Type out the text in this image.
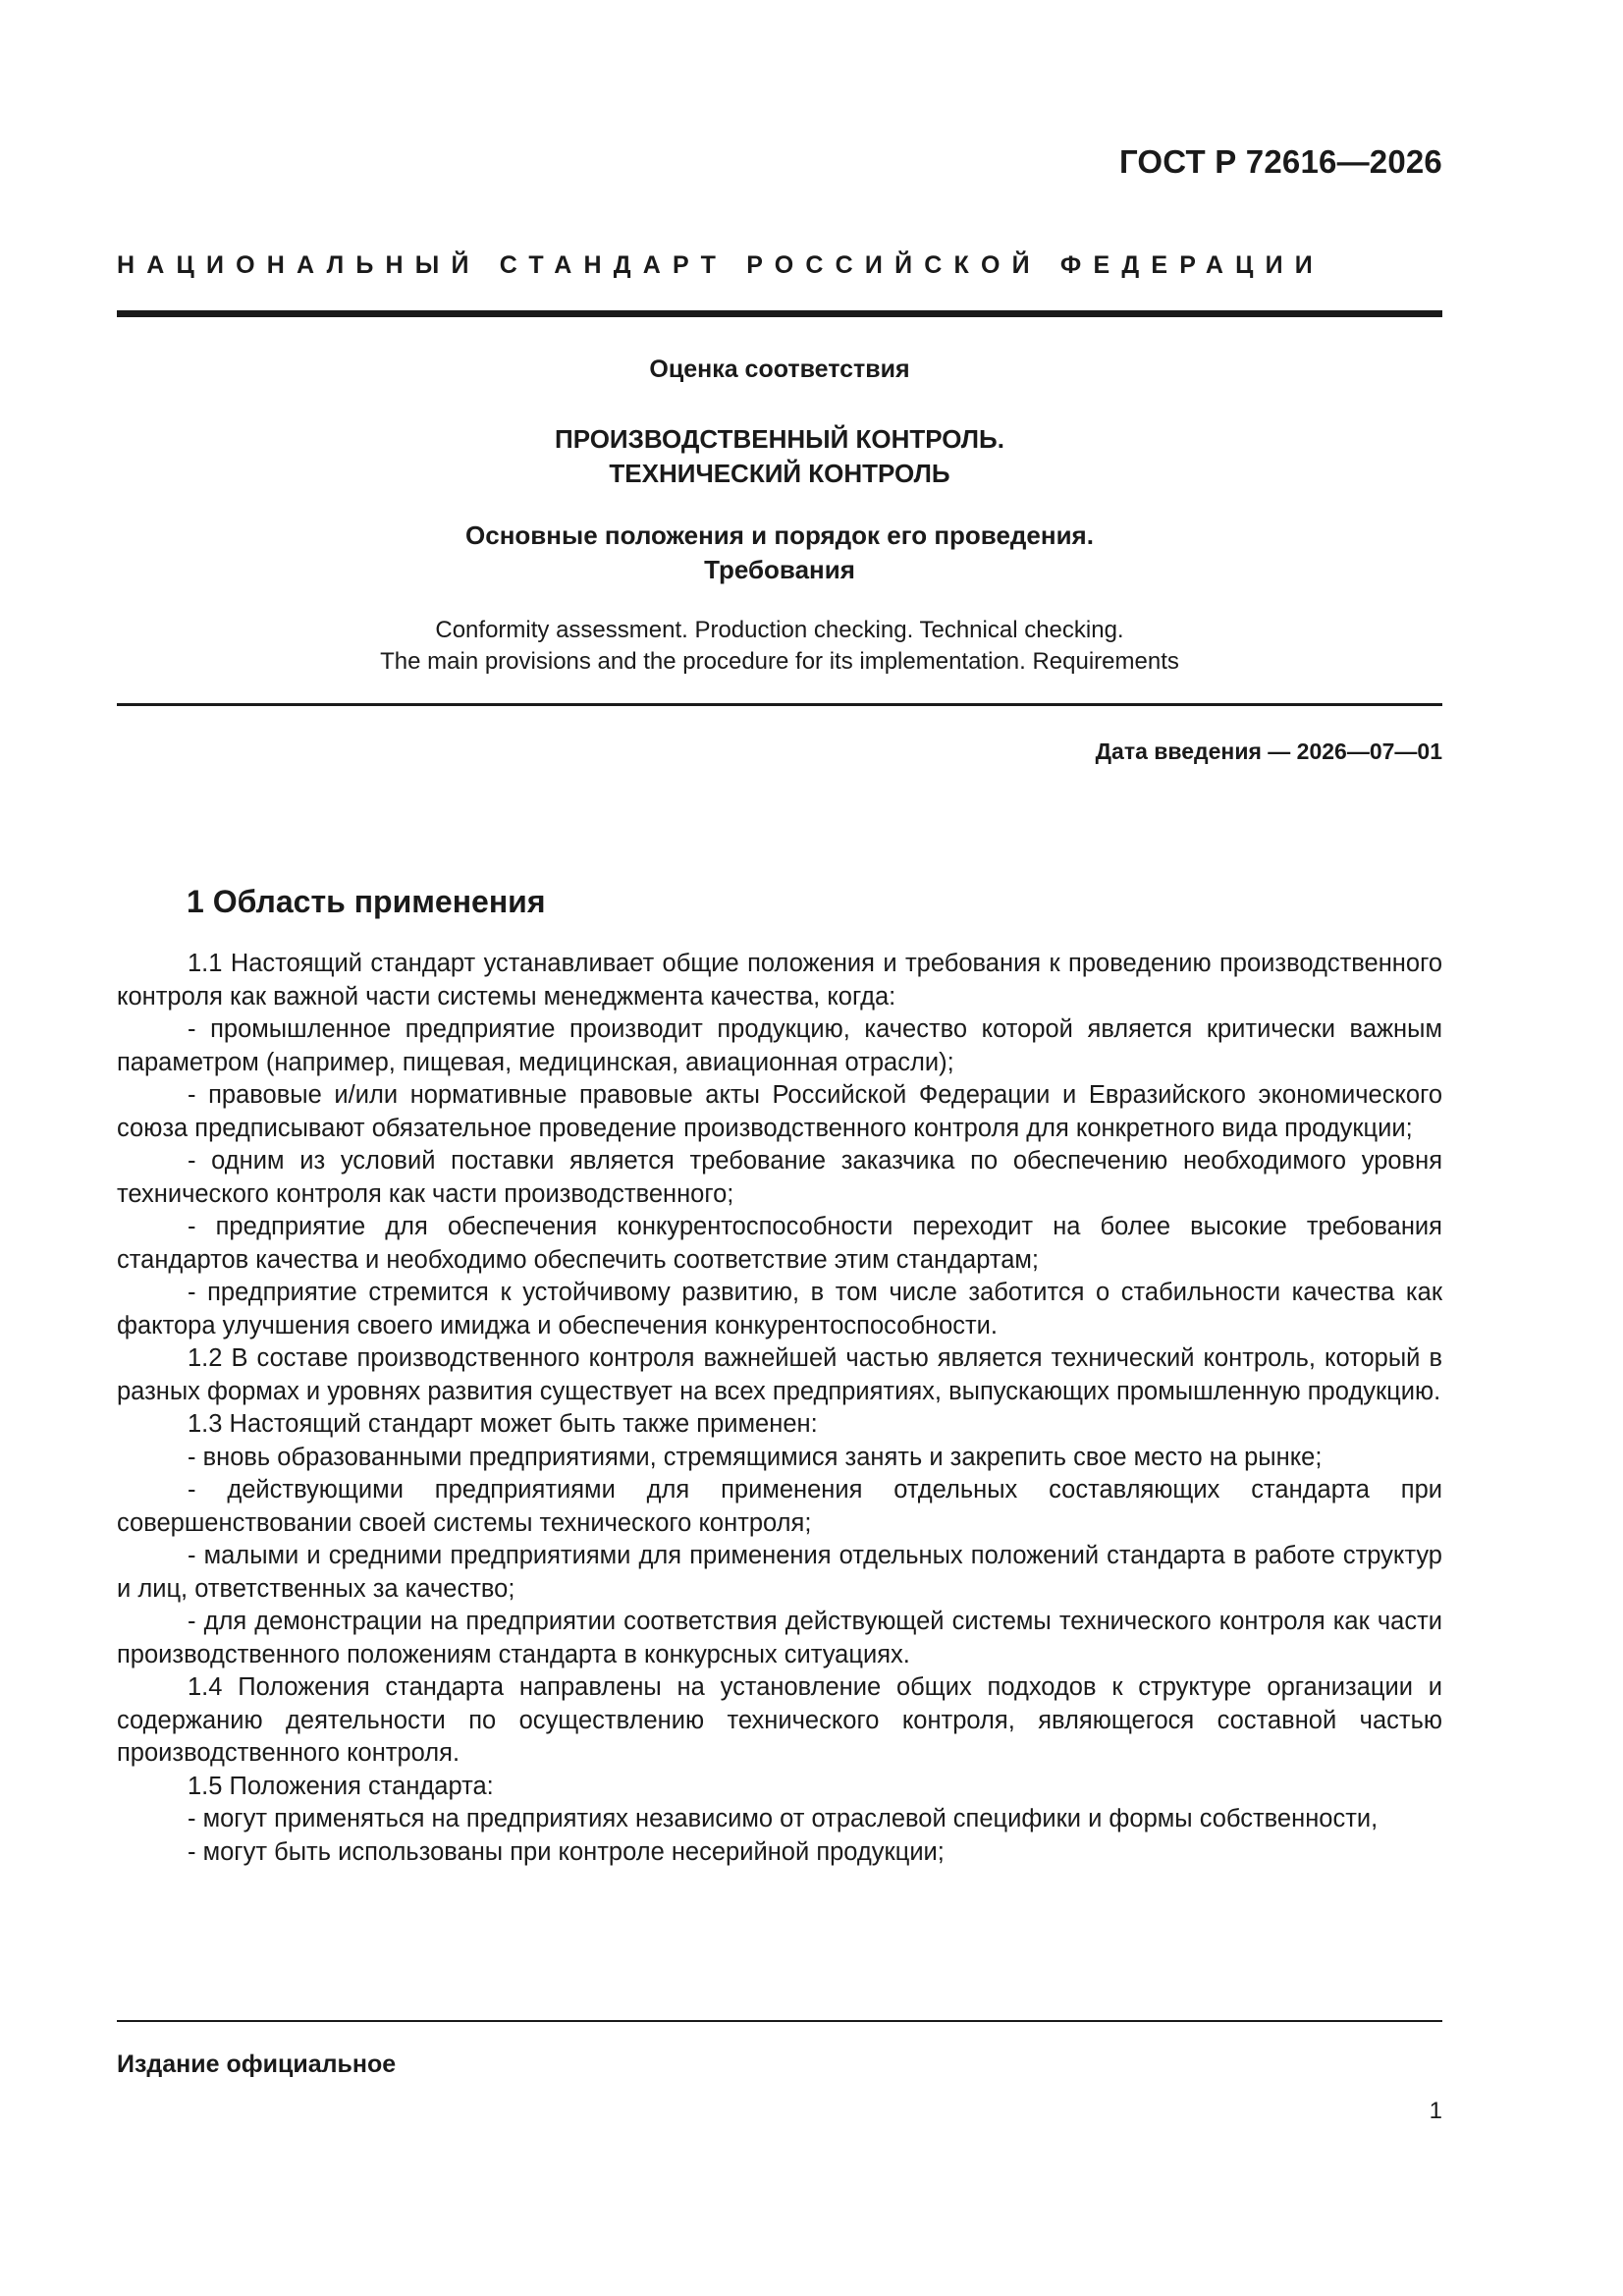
ГОСТ Р 72616—2026
НАЦИОНАЛЬНЫЙ СТАНДАРТ РОССИЙСКОЙ ФЕДЕРАЦИИ
Оценка соответствия
ПРОИЗВОДСТВЕННЫЙ КОНТРОЛЬ.
ТЕХНИЧЕСКИЙ КОНТРОЛЬ
Основные положения и порядок его проведения.
Требования
Conformity assessment. Production checking. Technical checking.
The main provisions and the procedure for its implementation. Requirements
Дата введения — 2026—07—01
1 Область применения

1.1 Настоящий стандарт устанавливает общие положения и требования к проведению производственного контроля как важной части системы менеджмента качества, когда:

- промышленное предприятие производит продукцию, качество которой является критически важным параметром (например, пищевая, медицинская, авиационная отрасли);

- правовые и/или нормативные правовые акты Российской Федерации и Евразийского экономического союза предписывают обязательное проведение производственного контроля для конкретного вида продукции;

- одним из условий поставки является требование заказчика по обеспечению необходимого уровня технического контроля как части производственного;

- предприятие для обеспечения конкурентоспособности переходит на более высокие требования стандартов качества и необходимо обеспечить соответствие этим стандартам;

- предприятие стремится к устойчивому развитию, в том числе заботится о стабильности качества как фактора улучшения своего имиджа и обеспечения конкурентоспособности.

1.2 В составе производственного контроля важнейшей частью является технический контроль, который в разных формах и уровнях развития существует на всех предприятиях, выпускающих промышленную продукцию.

1.3 Настоящий стандарт может быть также применен:

- вновь образованными предприятиями, стремящимися занять и закрепить свое место на рынке;

- действующими предприятиями для применения отдельных составляющих стандарта при совершенствовании своей системы технического контроля;

- малыми и средними предприятиями для применения отдельных положений стандарта в работе структур и лиц, ответственных за качество;

- для демонстрации на предприятии соответствия действующей системы технического контроля как части производственного положениям стандарта в конкурсных ситуациях.

1.4 Положения стандарта направлены на установление общих подходов к структуре организации и содержанию деятельности по осуществлению технического контроля, являющегося составной частью производственного контроля.

1.5 Положения стандарта:

- могут применяться на предприятиях независимо от отраслевой специфики и формы собственности,

- могут быть использованы при контроле несерийной продукции;

Издание официальное
1
